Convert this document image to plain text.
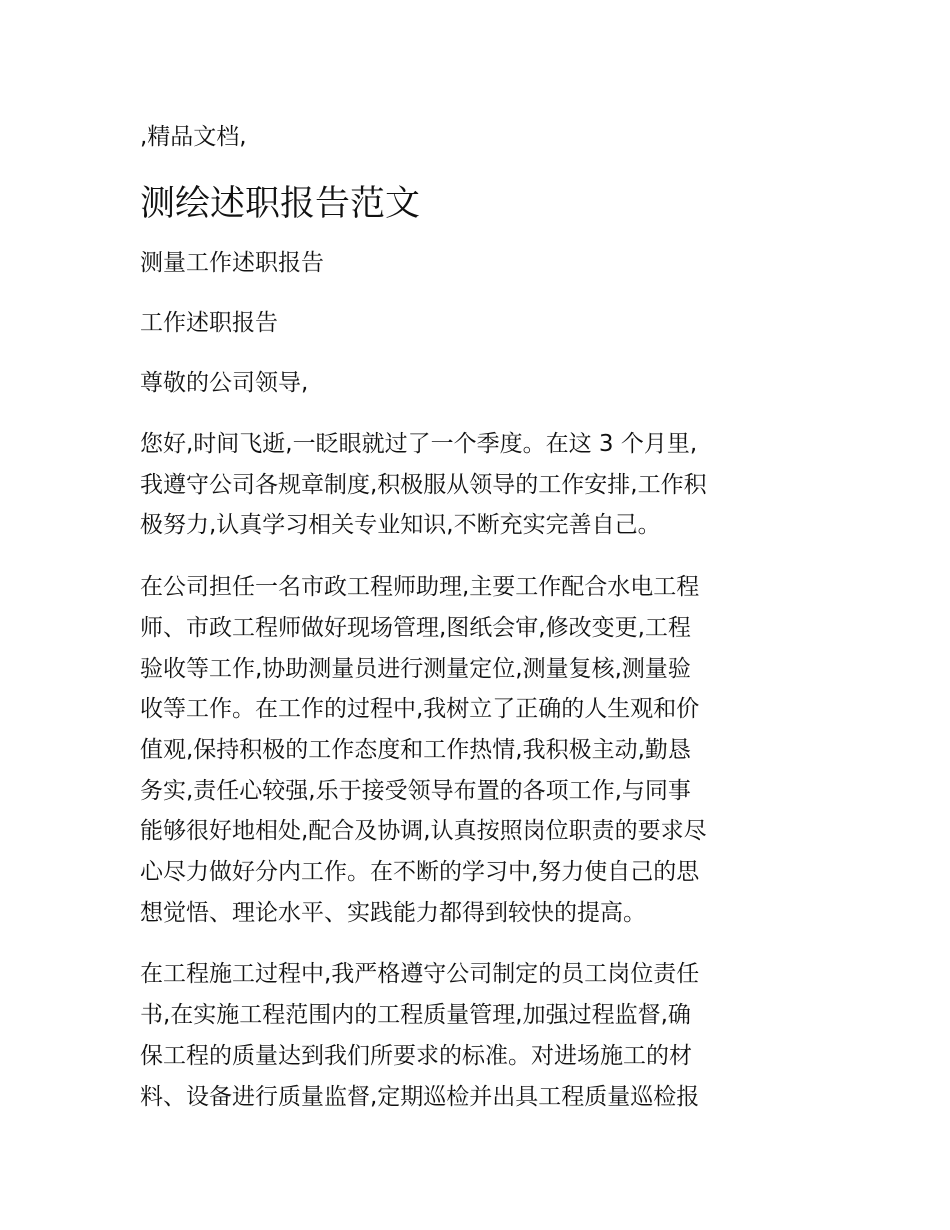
,精品文档,
测绘述职报告范文
测量工作述职报告
工作述职报告
尊敬的公司领导,

您好,时间飞逝,一眨眼就过了一个季度。在这 3 个月里,
我遵守公司各规章制度,积极服从领导的工作安排,工作积
极努力,认真学习相关专业知识,不断充实完善自己。

在公司担任一名市政工程师助理,主要工作配合水电工程
师、市政工程师做好现场管理,图纸会审,修改变更,工程
验收等工作,协助测量员进行测量定位,测量复核,测量验
收等工作。在工作的过程中,我树立了正确的人生观和价
值观,保持积极的工作态度和工作热情,我积极主动,勤恳
务实,责任心较强,乐于接受领导布置的各项工作,与同事
能够很好地相处,配合及协调,认真按照岗位职责的要求尽
心尽力做好分内工作。在不断的学习中,努力使自己的思
想觉悟、理论水平、实践能力都得到较快的提高。

在工程施工过程中,我严格遵守公司制定的员工岗位责任
书,在实施工程范围内的工程质量管理,加强过程监督,确
保工程的质量达到我们所要求的标准。对进场施工的材
料、设备进行质量监督,定期巡检并出具工程质量巡检报
